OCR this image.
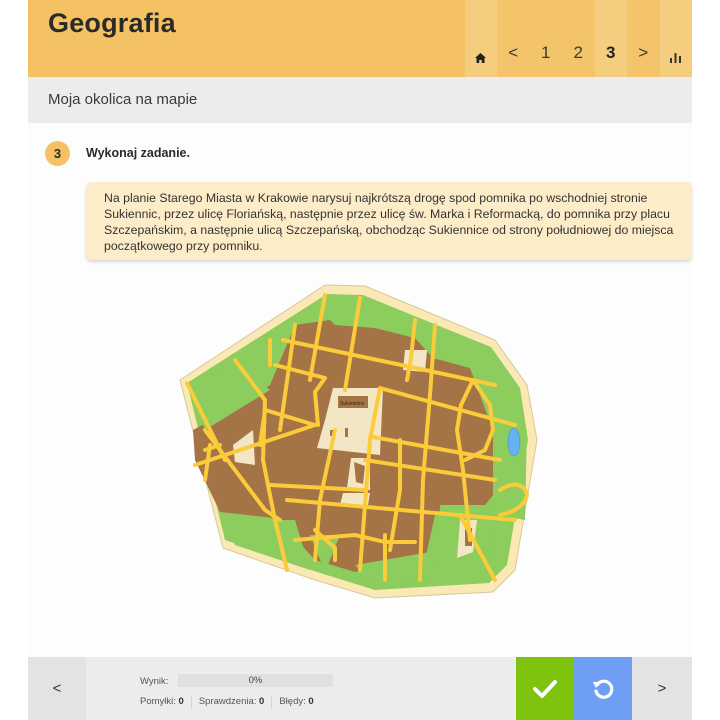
Geografia
< 1 2 3 >
Moja okolica na mapie
3	Wykonaj zadanie.
Na planie Starego Miasta w Krakowie narysuj najkrótszą drogę spod pomnika po wschodniej stronie Sukiennic, przez ulicę Floriańską, następnie przez ulicę św. Marka i Reformacką, do pomnika przy placu Szczepańskim, a następnie ulicą Szczepańską, obchodząc Sukiennice od strony południowej do miejsca początkowego przy pomniku.
Sukiennice
<	Wynik:	0%
Pomyłki: 0 Sprawdzenia: 0 Błędy: 0
>
